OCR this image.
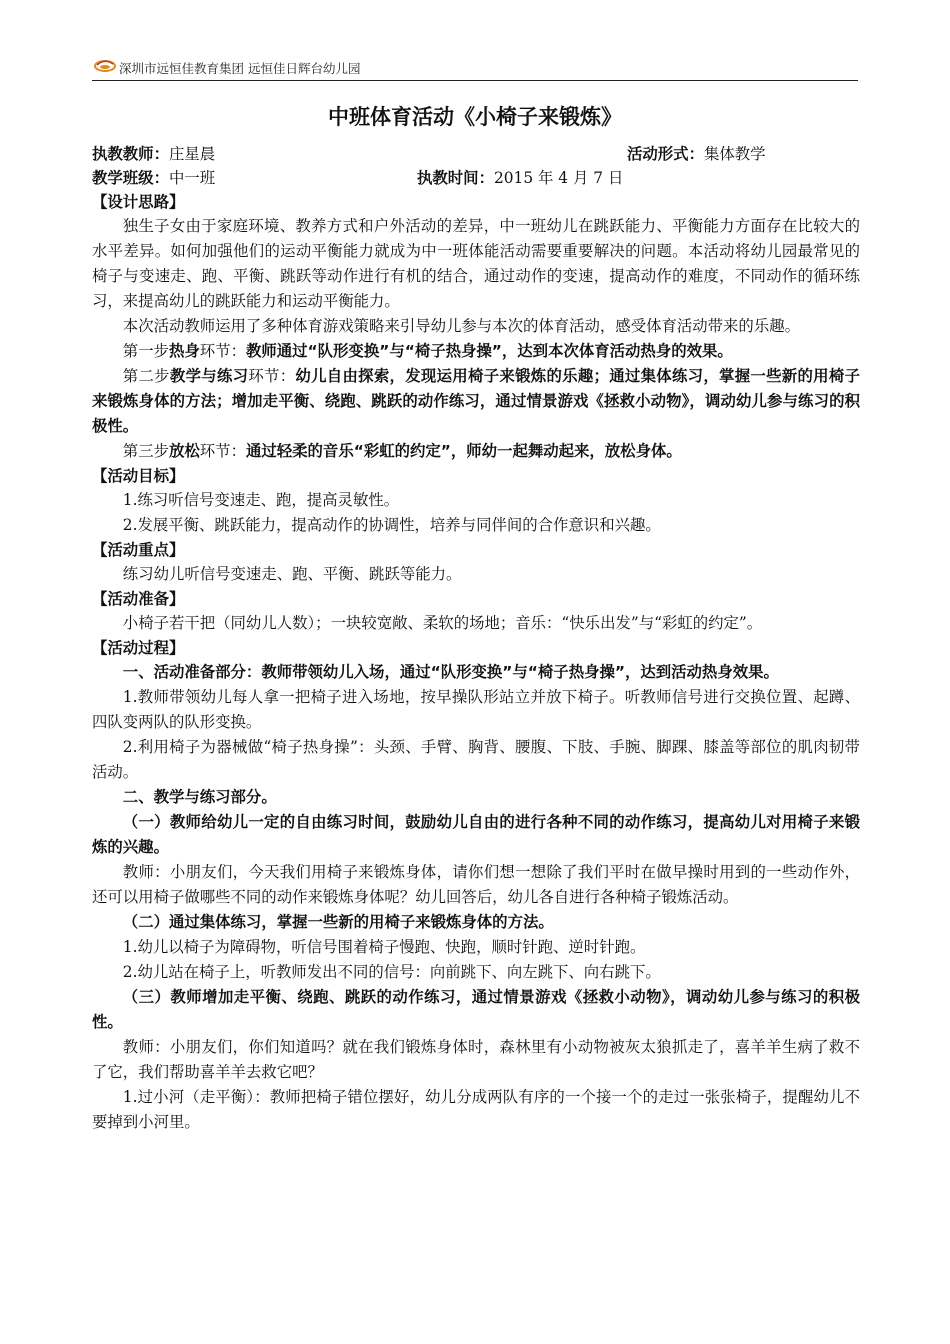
深圳市远恒佳教育集团 远恒佳日辉台幼儿园
中班体育活动《小椅子来锻炼》
执教教师：庄星晨	活动形式：集体教学
教学班级：中一班	执教时间：2015 年 4 月 7 日
【设计思路】

独生子女由于家庭环境、教养方式和户外活动的差异，中一班幼儿在跳跃能力、平衡能力方面存在比较大的水平差异。如何加强他们的运动平衡能力就成为中一班体能活动需要重要解决的问题。本活动将幼儿园最常见的椅子与变速走、跑、平衡、跳跃等动作进行有机的结合，通过动作的变速，提高动作的难度，不同动作的循环练习，来提高幼儿的跳跃能力和运动平衡能力。

本次活动教师运用了多种体育游戏策略来引导幼儿参与本次的体育活动，感受体育活动带来的乐趣。

第一步热身环节：教师通过“队形变换”与“椅子热身操”，达到本次体育活动热身的效果。

第二步教学与练习环节：幼儿自由探索，发现运用椅子来锻炼的乐趣；通过集体练习，掌握一些新的用椅子来锻炼身体的方法；增加走平衡、绕跑、跳跃的动作练习，通过情景游戏《拯救小动物》，调动幼儿参与练习的积极性。

第三步放松环节：通过轻柔的音乐“彩虹的约定”，师幼一起舞动起来，放松身体。

【活动目标】

1.练习听信号变速走、跑，提高灵敏性。

2.发展平衡、跳跃能力，提高动作的协调性，培养与同伴间的合作意识和兴趣。

【活动重点】

练习幼儿听信号变速走、跑、平衡、跳跃等能力。

【活动准备】

小椅子若干把（同幼儿人数）；一块较宽敞、柔软的场地；音乐：“快乐出发”与“彩虹的约定”。

【活动过程】

一、活动准备部分：教师带领幼儿入场，通过“队形变换”与“椅子热身操”，达到活动热身效果。

1.教师带领幼儿每人拿一把椅子进入场地，按早操队形站立并放下椅子。听教师信号进行交换位置、起蹲、四队变两队的队形变换。

2.利用椅子为器械做“椅子热身操”：头颈、手臂、胸背、腰腹、下肢、手腕、脚踝、膝盖等部位的肌肉韧带活动。

二、教学与练习部分。

（一）教师给幼儿一定的自由练习时间，鼓励幼儿自由的进行各种不同的动作练习，提高幼儿对用椅子来锻炼的兴趣。

教师：小朋友们，今天我们用椅子来锻炼身体，请你们想一想除了我们平时在做早操时用到的一些动作外，还可以用椅子做哪些不同的动作来锻炼身体呢？幼儿回答后，幼儿各自进行各种椅子锻炼活动。

（二）通过集体练习，掌握一些新的用椅子来锻炼身体的方法。

1.幼儿以椅子为障碍物，听信号围着椅子慢跑、快跑，顺时针跑、逆时针跑。

2.幼儿站在椅子上，听教师发出不同的信号：向前跳下、向左跳下、向右跳下。

（三）教师增加走平衡、绕跑、跳跃的动作练习，通过情景游戏《拯救小动物》，调动幼儿参与练习的积极性。

教师：小朋友们，你们知道吗？就在我们锻炼身体时，森林里有小动物被灰太狼抓走了，喜羊羊生病了救不了它，我们帮助喜羊羊去救它吧？

1.过小河（走平衡）：教师把椅子错位摆好，幼儿分成两队有序的一个接一个的走过一张张椅子，提醒幼儿不要掉到小河里。
